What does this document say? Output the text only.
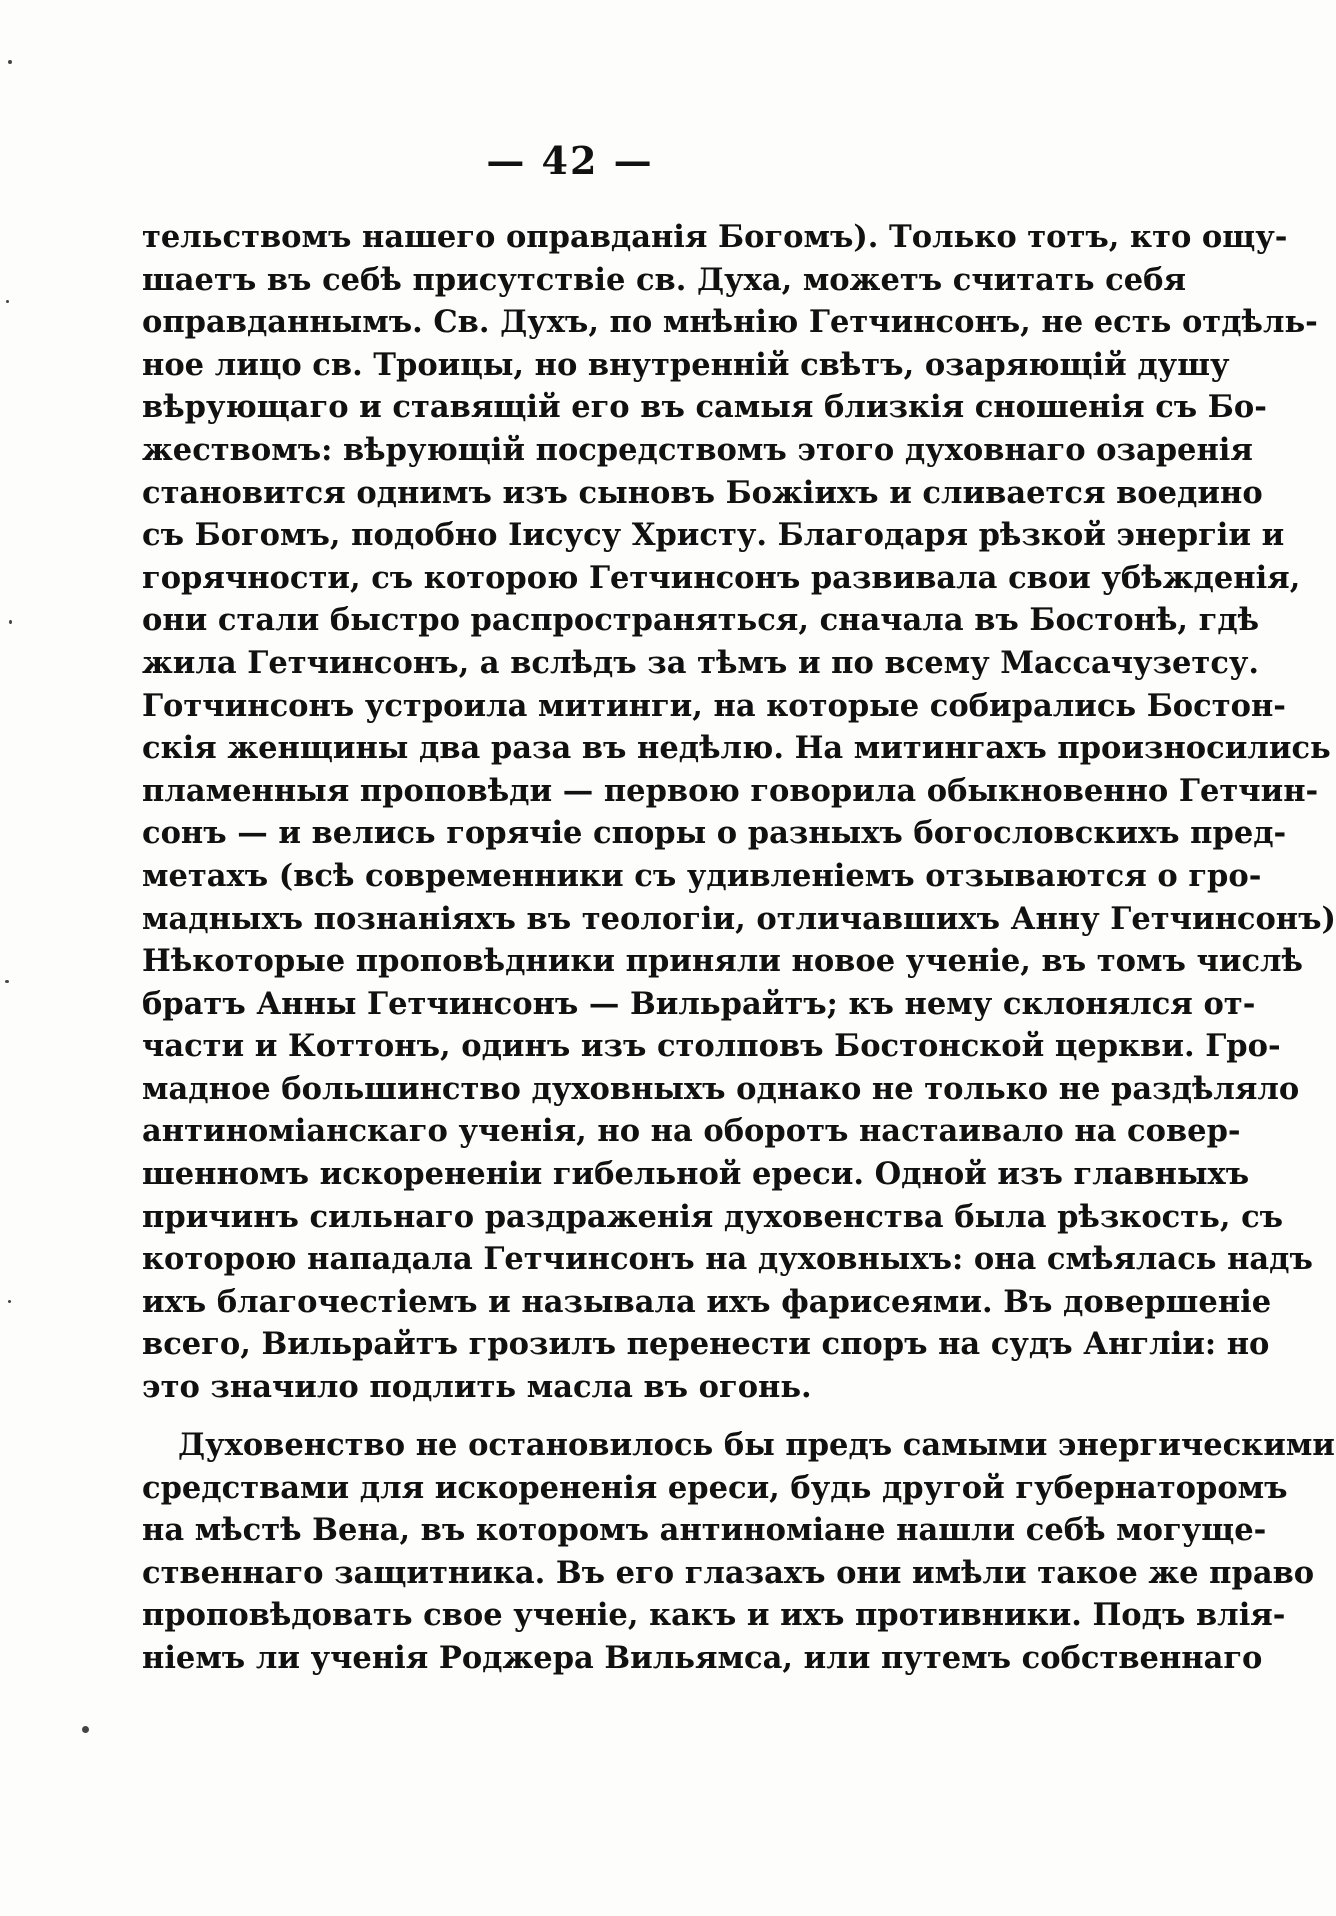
— 42 —
тельствомъ нашего оправданія Богомъ). Только тотъ, кто ощу-
шаетъ въ себѣ присутствіе св. Духа, можетъ считать себя
оправданнымъ. Св. Духъ, по мнѣнію Гетчинсонъ, не есть отдѣль-
ное лицо св. Троицы, но внутренній свѣтъ, озаряющій душу
вѣрующаго и ставящій его въ самыя близкія сношенія съ Бо-
жествомъ: вѣрующій посредствомъ этого духовнаго озаренія
становится однимъ изъ сыновъ Божіихъ и сливается воедино
съ Богомъ, подобно Іисусу Христу. Благодаря рѣзкой энергіи и
горячности, съ которою Гетчинсонъ развивала свои убѣжденія,
они стали быстро распространяться, сначала въ Бостонѣ, гдѣ
жила Гетчинсонъ, а вслѣдъ за тѣмъ и по всему Массачузетсу.
Готчинсонъ устроила митинги, на которые собирались Бостон-
скія женщины два раза въ недѣлю. На митингахъ произносились
пламенныя проповѣди — первою говорила обыкновенно Гетчин-
сонъ — и велись горячіе споры о разныхъ богословскихъ пред-
метахъ (всѣ современники съ удивленіемъ отзываются о гро-
мадныхъ познаніяхъ въ теологіи, отличавшихъ Анну Гетчинсонъ)
Нѣкоторые проповѣдники приняли новое ученіе, въ томъ числѣ
братъ Анны Гетчинсонъ — Вильрайтъ; къ нему склонялся от-
части и Коттонъ, одинъ изъ столповъ Бостонской церкви. Гро-
мадное большинство духовныхъ однако не только не раздѣляло
антиноміанскаго ученія, но на оборотъ настаивало на совер-
шенномъ искорененіи гибельной ереси. Одной изъ главныхъ
причинъ сильнаго раздраженія духовенства была рѣзкость, съ
которою нападала Гетчинсонъ на духовныхъ: она смѣялась надъ
ихъ благочестіемъ и называла ихъ фарисеями. Въ довершеніе
всего, Вильрайтъ грозилъ перенести споръ на судъ Англіи: но
это значило подлить масла въ огонь.
Духовенство не остановилось бы предъ самыми энергическими
средствами для искорененія ереси, будь другой губернаторомъ
на мѣстѣ Вена, въ которомъ антиноміане нашли себѣ могуще-
ственнаго защитника. Въ его глазахъ они имѣли такое же право
проповѣдовать свое ученіе, какъ и ихъ противники. Подъ влія-
ніемъ ли ученія Роджера Вильямса, или путемъ собственнаго
